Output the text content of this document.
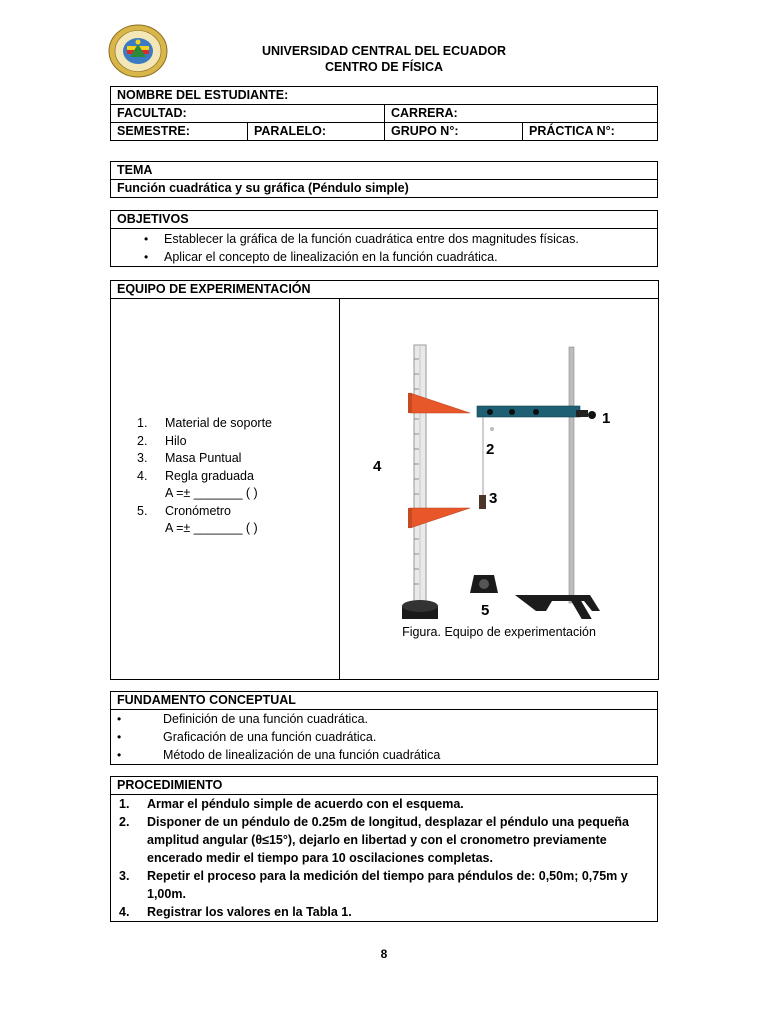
UNIVERSIDAD CENTRAL DEL ECUADOR
CENTRO DE FÍSICA
NOMBRE DEL ESTUDIANTE:			
FACULTAD:		CARRERA:	
SEMESTRE:	PARALELO:	GRUPO N°:	PRÁCTICA N°:
TEMA
Función cuadrática y su gráfica (Péndulo simple)
OBJETIVOS

• Establecer la gráfica de la función cuadrática entre dos magnitudes físicas.
• Aplicar el concepto de linealización en la función cuadrática.
EQUIPO DE EXPERIMENTACIÓN

1. Material de soporte
2. Hilo
3. Masa Puntual
4. Regla graduada
A =± _______ ( )
5. Cronómetro
A =± _______ ( )

1
2
3
4
5
Figura. Equipo de experimentación
FUNDAMENTO CONCEPTUAL

•	Definición de una función cuadrática.
•	Graficación de una función cuadrática.
•	Método de linealización de una función cuadrática
PROCEDIMIENTO

1. Armar el péndulo simple de acuerdo con el esquema.
2. Disponer de un péndulo de 0.25m de longitud, desplazar el péndulo una pequeña amplitud angular (θ≤15°), dejarlo en libertad y con el cronometro previamente encerado medir el tiempo para 10 oscilaciones completas.
3. Repetir el proceso para la medición del tiempo para péndulos de: 0,50m; 0,75m y 1,00m.
4. Registrar los valores en la Tabla 1.
8
